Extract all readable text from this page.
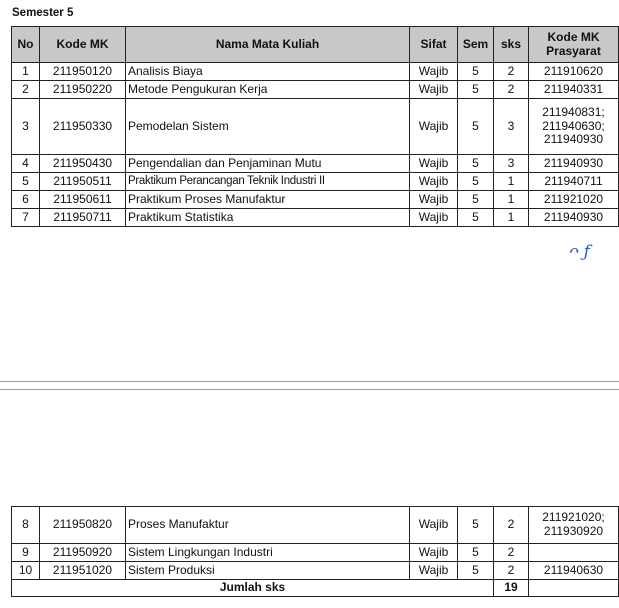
Semester 5
No	Kode MK	Nama Mata Kuliah	Sifat	Sem	sks	Kode MK
Prasyarat
1	211950120	Analisis Biaya	Wajib	5	2	211910620

2	211950220	Metode Pengukuran Kerja	Wajib	5	2	211940331

3	211950330	Pemodelan Sistem	Wajib	5	3	211940831;
211940630;
211940930

4	211950430	Pengendalian dan Penjaminan Mutu	Wajib	5	3	211940930

5	211950511	Praktikum Perancangan Teknik Industri II	Wajib	5	1	211940711

6	211950611	Praktikum Proses Manufaktur	Wajib	5	1	211921020

7	211950711	Praktikum Statistika	Wajib	5	1	211940930
ᴖ ƒ
8	211950820	Proses Manufaktur	Wajib	5	2	211921020;
211930920

9	211950920	Sistem Lingkungan Industri	Wajib	5	2	
10	211951020	Sistem Produksi	Wajib	5	2	211940630

Jumlah sks					19	
